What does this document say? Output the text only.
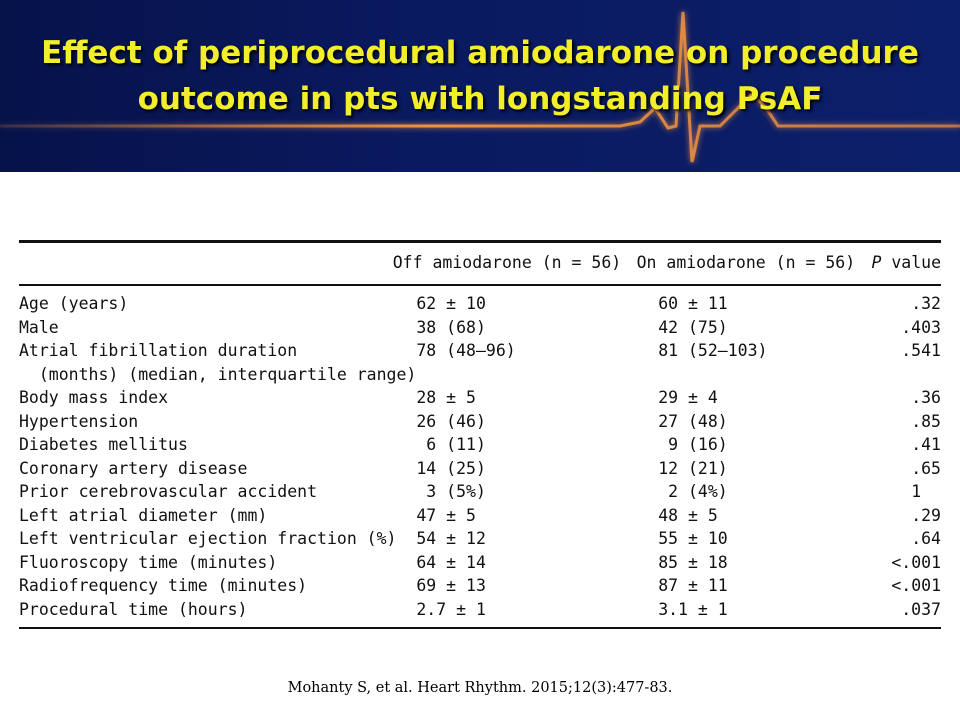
Effect of periprocedural amiodarone on procedure
outcome in pts with longstanding PsAF
	Off amiodarone (n = 56)	On amiodarone (n = 56)	P value
Age (years)	62 ± 10	60 ± 11	.32
Male	38 (68)	42 (75)	.403
Atrial fibrillation duration	78 (48–96)	81 (52–103)	.541
(months) (median, interquartile range)			
Body mass index	28 ± 5	29 ± 4	.36
Hypertension	26 (46)	27 (48)	.85
Diabetes mellitus	6 (11)	9 (16)	.41
Coronary artery disease	14 (25)	12 (21)	.65
Prior cerebrovascular accident	3 (5%)	2 (4%)	1
Left atrial diameter (mm)	47 ± 5	48 ± 5	.29
Left ventricular ejection fraction (%)	54 ± 12	55 ± 10	.64
Fluoroscopy time (minutes)	64 ± 14	85 ± 18	<.001
Radiofrequency time (minutes)	69 ± 13	87 ± 11	<.001
Procedural time (hours)	2.7 ± 1	3.1 ± 1	.037
Mohanty S, et al. Heart Rhythm. 2015;12(3):477-83.
